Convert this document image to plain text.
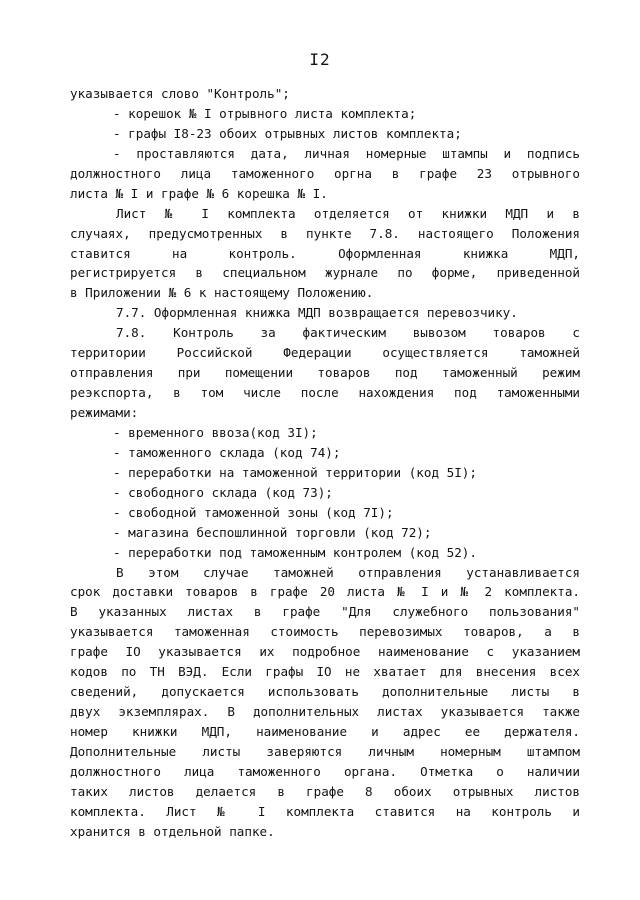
I2
указывается слово "Контроль";
- корешок № I отрывного листа комплекта;
- графы I8-23 обоих отрывных листов комплекта;
- проставляются дата, личная номерные штампы и подпись
должностного лица таможенного оргна в графе 23 отрывного
листа № I и графе № 6 корешка № I.
Лист № I комплекта отделяется от книжки МДП и в
случаях, предусмотренных в пункте 7.8. настоящего Положения
ставится на контроль. Оформленная книжка МДП,
регистрируется в специальном журнале по форме, приведенной
в Приложении № 6 к настоящему Положению.
7.7. Оформленная книжка МДП возвращается перевозчику.
7.8. Контроль за фактическим вывозом товаров с
территории Российской Федерации осуществляется таможней
отправления при помещении товаров под таможенный режим
реэкспорта, в том числе после нахождения под таможенными
режимами:
- временного ввоза(код 3I);
- таможенного склада (код 74);
- переработки на таможенной территории (код 5I);
- свободного склада (код 73);
- свободной таможенной зоны (код 7I);
- магазина беспошлинной торговли (код 72);
- переработки под таможенным контролем (код 52).
В этом случае таможней отправления устанавливается
срок доставки товаров в графе 20 листа № I и № 2 комплекта.
В указанных листах в графе "Для служебного пользования"
указывается таможенная стоимость перевозимых товаров, а в
графе IO указывается их подробное наименование с указанием
кодов по ТН ВЭД. Если графы IO не хватает для внесения всех
сведений, допускается использовать дополнительные листы в
двух экземплярах. В дополнительных листах указывается также
номер книжки МДП, наименование и адрес ее держателя.
Дополнительные листы заверяются личным номерным штампом
должностного лица таможенного органа. Отметка о наличии
таких листов делается в графе 8 обоих отрывных листов
комплекта. Лист № I комплекта ставится на контроль и
хранится в отдельной папке.
